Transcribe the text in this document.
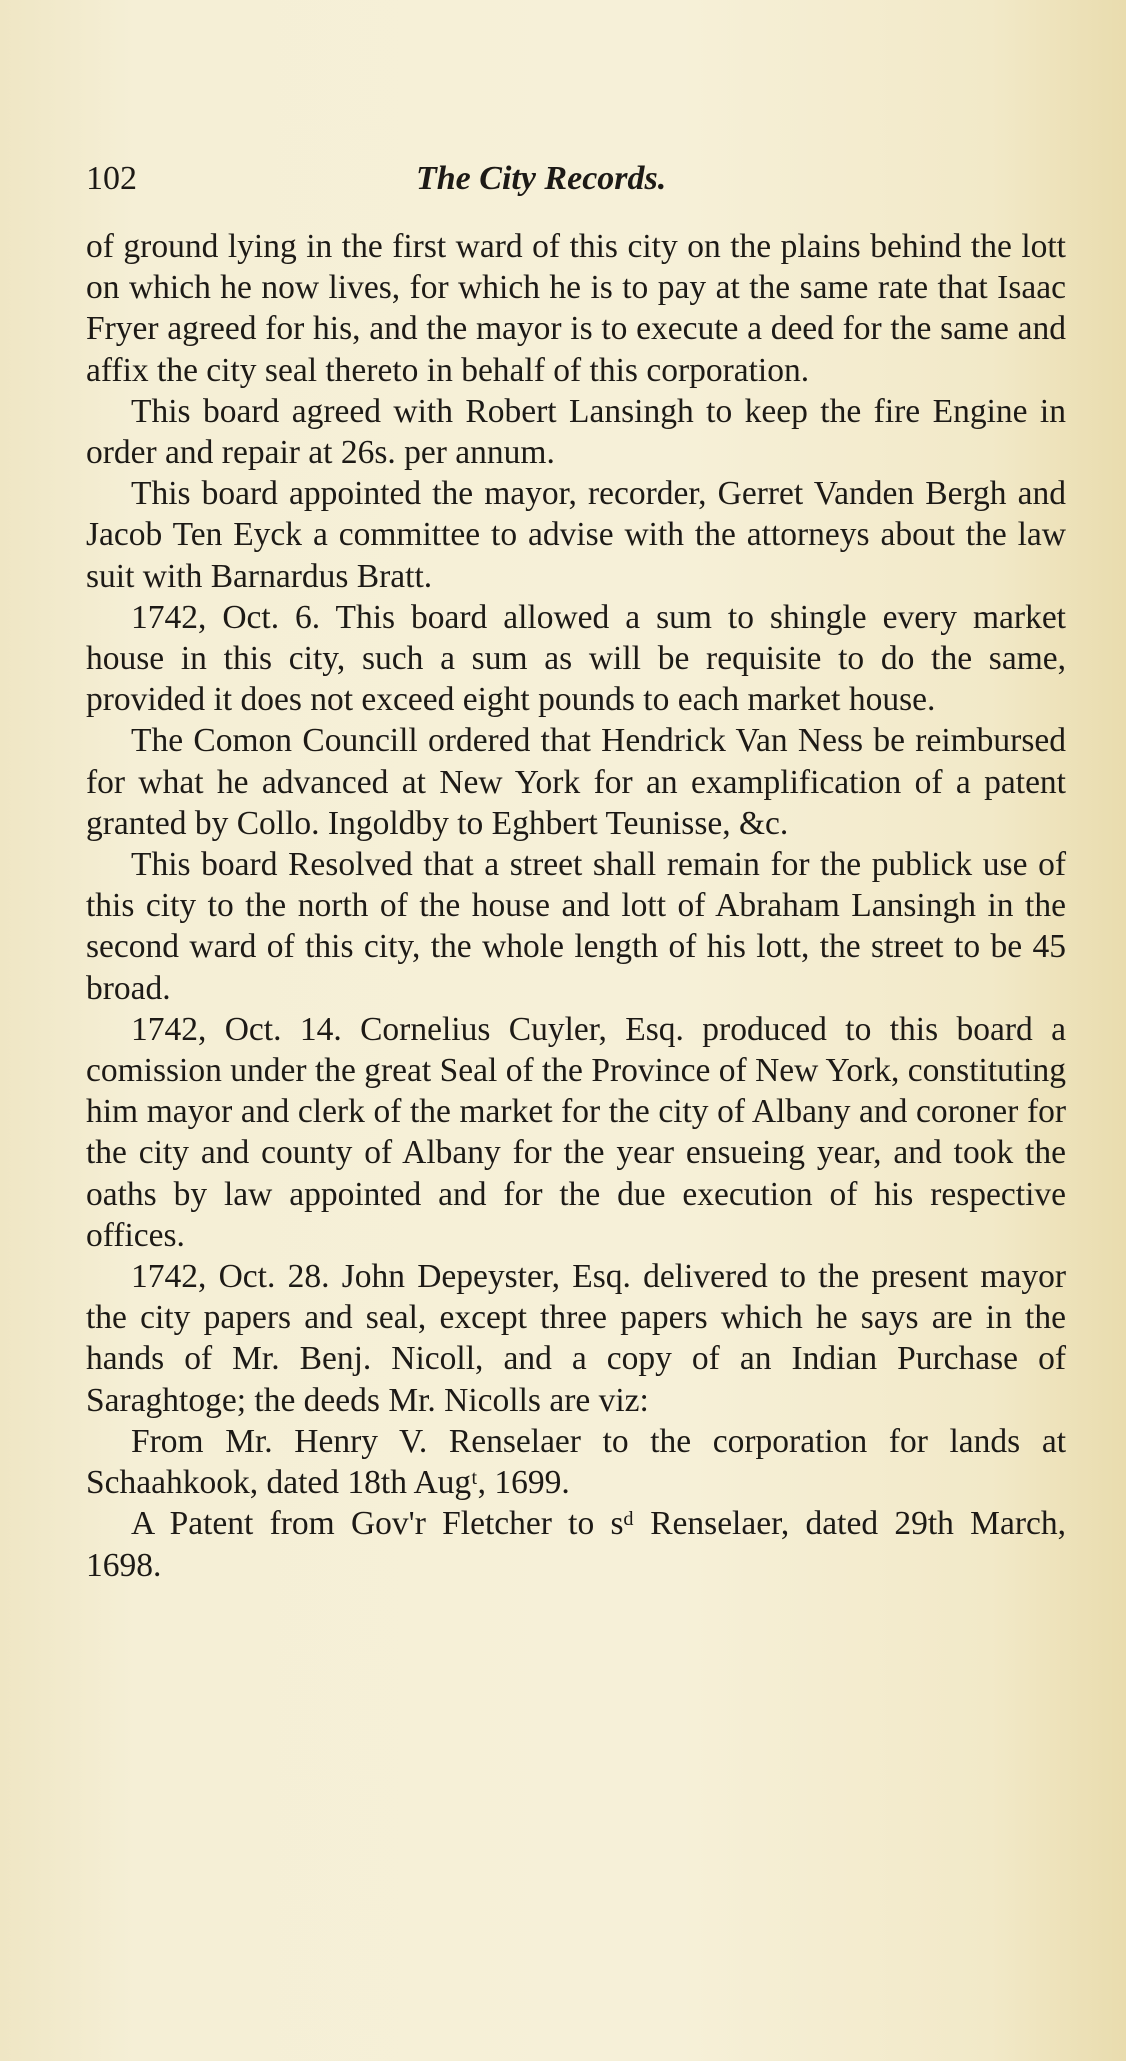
102	The City Records.

of ground lying in the first ward of this city on the plains behind the lott on which he now lives, for which he is to pay at the same rate that Isaac Fryer agreed for his, and the mayor is to execute a deed for the same and affix the city seal thereto in behalf of this corporation.

This board agreed with Robert Lansingh to keep the fire Engine in order and repair at 26s. per annum.

This board appointed the mayor, recorder, Gerret Vanden Bergh and Jacob Ten Eyck a committee to advise with the attorneys about the law suit with Barnardus Bratt.

1742, Oct. 6. This board allowed a sum to shingle every market house in this city, such a sum as will be requisite to do the same, provided it does not exceed eight pounds to each market house.

The Comon Councill ordered that Hendrick Van Ness be reimbursed for what he advanced at New York for an examplification of a patent granted by Collo. Ingoldby to Eghbert Teunisse, &c.

This board Resolved that a street shall remain for the publick use of this city to the north of the house and lott of Abraham Lansingh in the second ward of this city, the whole length of his lott, the street to be 45 broad.

1742, Oct. 14. Cornelius Cuyler, Esq. produced to this board a comission under the great Seal of the Province of New York, constituting him mayor and clerk of the market for the city of Albany and coroner for the city and county of Albany for the year ensueing year, and took the oaths by law appointed and for the due execution of his respective offices.

1742, Oct. 28. John Depeyster, Esq. delivered to the present mayor the city papers and seal, except three papers which he says are in the hands of Mr. Benj. Nicoll, and a copy of an Indian Purchase of Saraghtoge; the deeds Mr. Nicolls are viz:

From Mr. Henry V. Renselaer to the corporation for lands at Schaahkook, dated 18th Augᵗ, 1699.

A Patent from Gov'r Fletcher to sᵈ Renselaer, dated 29th March, 1698.
